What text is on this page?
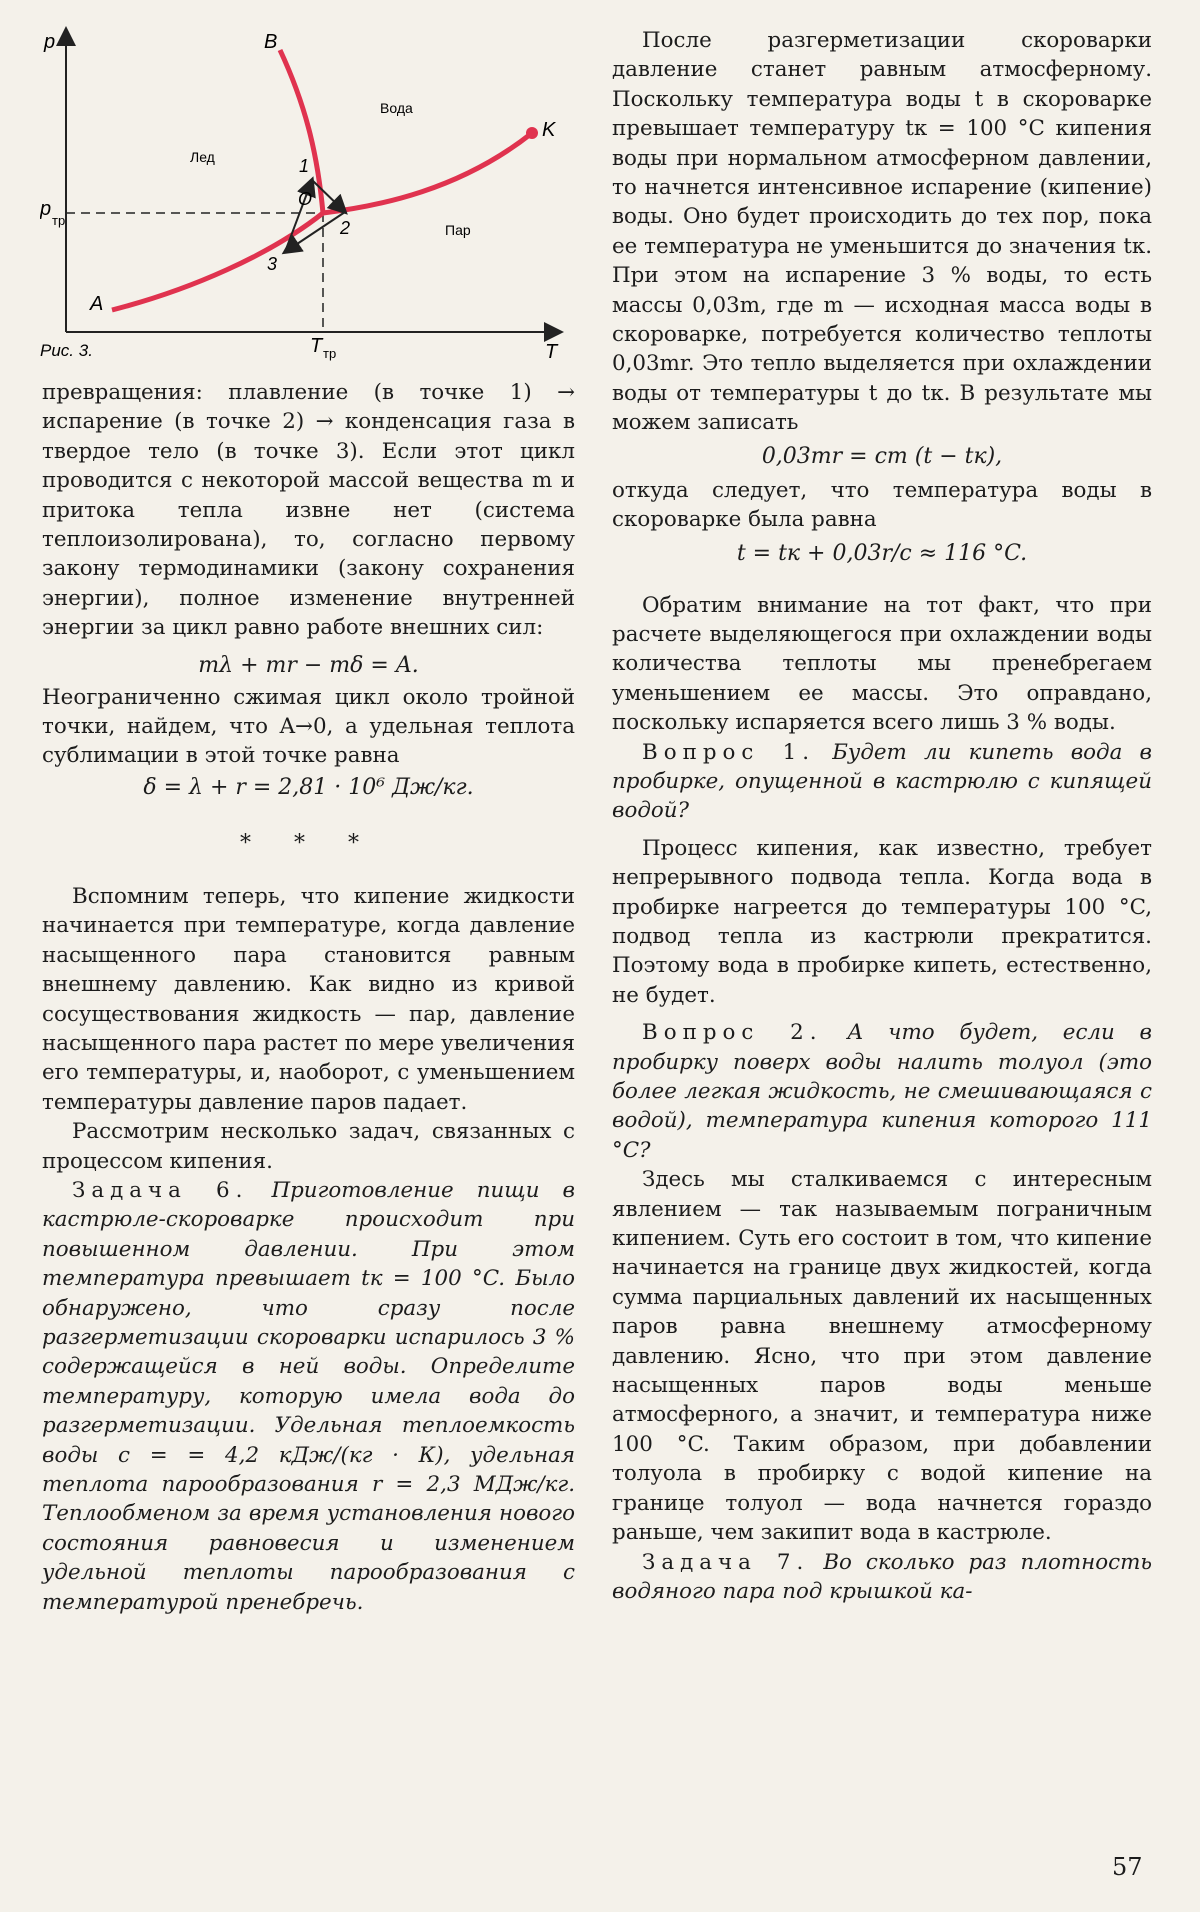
p
T
p
тр
T тр
A
B
K
O
1
2
3
Лед
Вода
Пар
Рис. 3.

превращения: плавление (в точке 1) → испарение (в точке 2) → конденсация газа в твердое тело (в точке 3). Если этот цикл проводится с некоторой массой вещества m и притока тепла извне нет (система теплоизолирована), то, согласно первому закону термодинамики (закону сохранения энергии), полное изменение внутренней энергии за цикл равно работе внешних сил:

mλ + mr − mδ = A.

Неограниченно сжимая цикл около тройной точки, найдем, что A→0, а удельная теплота сублимации в этой точке равна

δ = λ + r = 2,81 · 10⁶ Дж/кг.

* * *

Вспомним теперь, что кипение жидкости начинается при температуре, когда давление насыщенного пара становится равным внешнему давлению. Как видно из кривой сосуществования жидкость — пар, давление насыщенного пара растет по мере увеличения его температуры, и, наоборот, с уменьшением температуры давление паров падает.

Рассмотрим несколько задач, связанных с процессом кипения.

Задача 6. Приготовление пищи в кастрюле-скороварке происходит при повышенном давлении. При этом температура превышает tк = 100 °C. Было обнаружено, что сразу после разгерметизации скороварки испарилось 3 % содержащейся в ней воды. Определите температуру, которую имела вода до разгерметизации. Удельная теплоемкость воды c = = 4,2 кДж/(кг · К), удельная теплота парообразования r = 2,3 МДж/кг. Теплообменом за время установления нового состояния равновесия и изменением удельной теплоты парообразования с температурой пренебречь.

После разгерметизации скороварки давление станет равным атмосферному. Поскольку температура воды t в скороварке превышает температуру tк = 100 °C кипения воды при нормальном атмосферном давлении, то начнется интенсивное испарение (кипение) воды. Оно будет происходить до тех пор, пока ее температура не уменьшится до значения tк. При этом на испарение 3 % воды, то есть массы 0,03m, где m — исходная масса воды в скороварке, потребуется количество теплоты 0,03mr. Это тепло выделяется при охлаждении воды от температуры t до tк. В результате мы можем записать

0,03mr = cm (t − tк),

откуда следует, что температура воды в скороварке была равна

t = tк + 0,03r/c ≈ 116 °C.

Обратим внимание на тот факт, что при расчете выделяющегося при охлаждении воды количества теплоты мы пренебрегаем уменьшением ее массы. Это оправдано, поскольку испаряется всего лишь 3 % воды.

Вопрос 1. Будет ли кипеть вода в пробирке, опущенной в кастрюлю с кипящей водой?

Процесс кипения, как известно, требует непрерывного подвода тепла. Когда вода в пробирке нагреется до температуры 100 °C, подвод тепла из кастрюли прекратится. Поэтому вода в пробирке кипеть, естественно, не будет.

Вопрос 2. А что будет, если в пробирку поверх воды налить толуол (это более легкая жидкость, не смешивающаяся с водой), температура кипения которого 111 °C?

Здесь мы сталкиваемся с интересным явлением — так называемым пограничным кипением. Суть его состоит в том, что кипение начинается на границе двух жидкостей, когда сумма парциальных давлений их насыщенных паров равна внешнему атмосферному давлению. Ясно, что при этом давление насыщенных паров воды меньше атмосферного, а значит, и температура ниже 100 °C. Таким образом, при добавлении толуола в пробирку с водой кипение на границе толуол — вода начнется гораздо раньше, чем закипит вода в кастрюле.

Задача 7. Во сколько раз плотность водяного пара под крышкой ка-

57
